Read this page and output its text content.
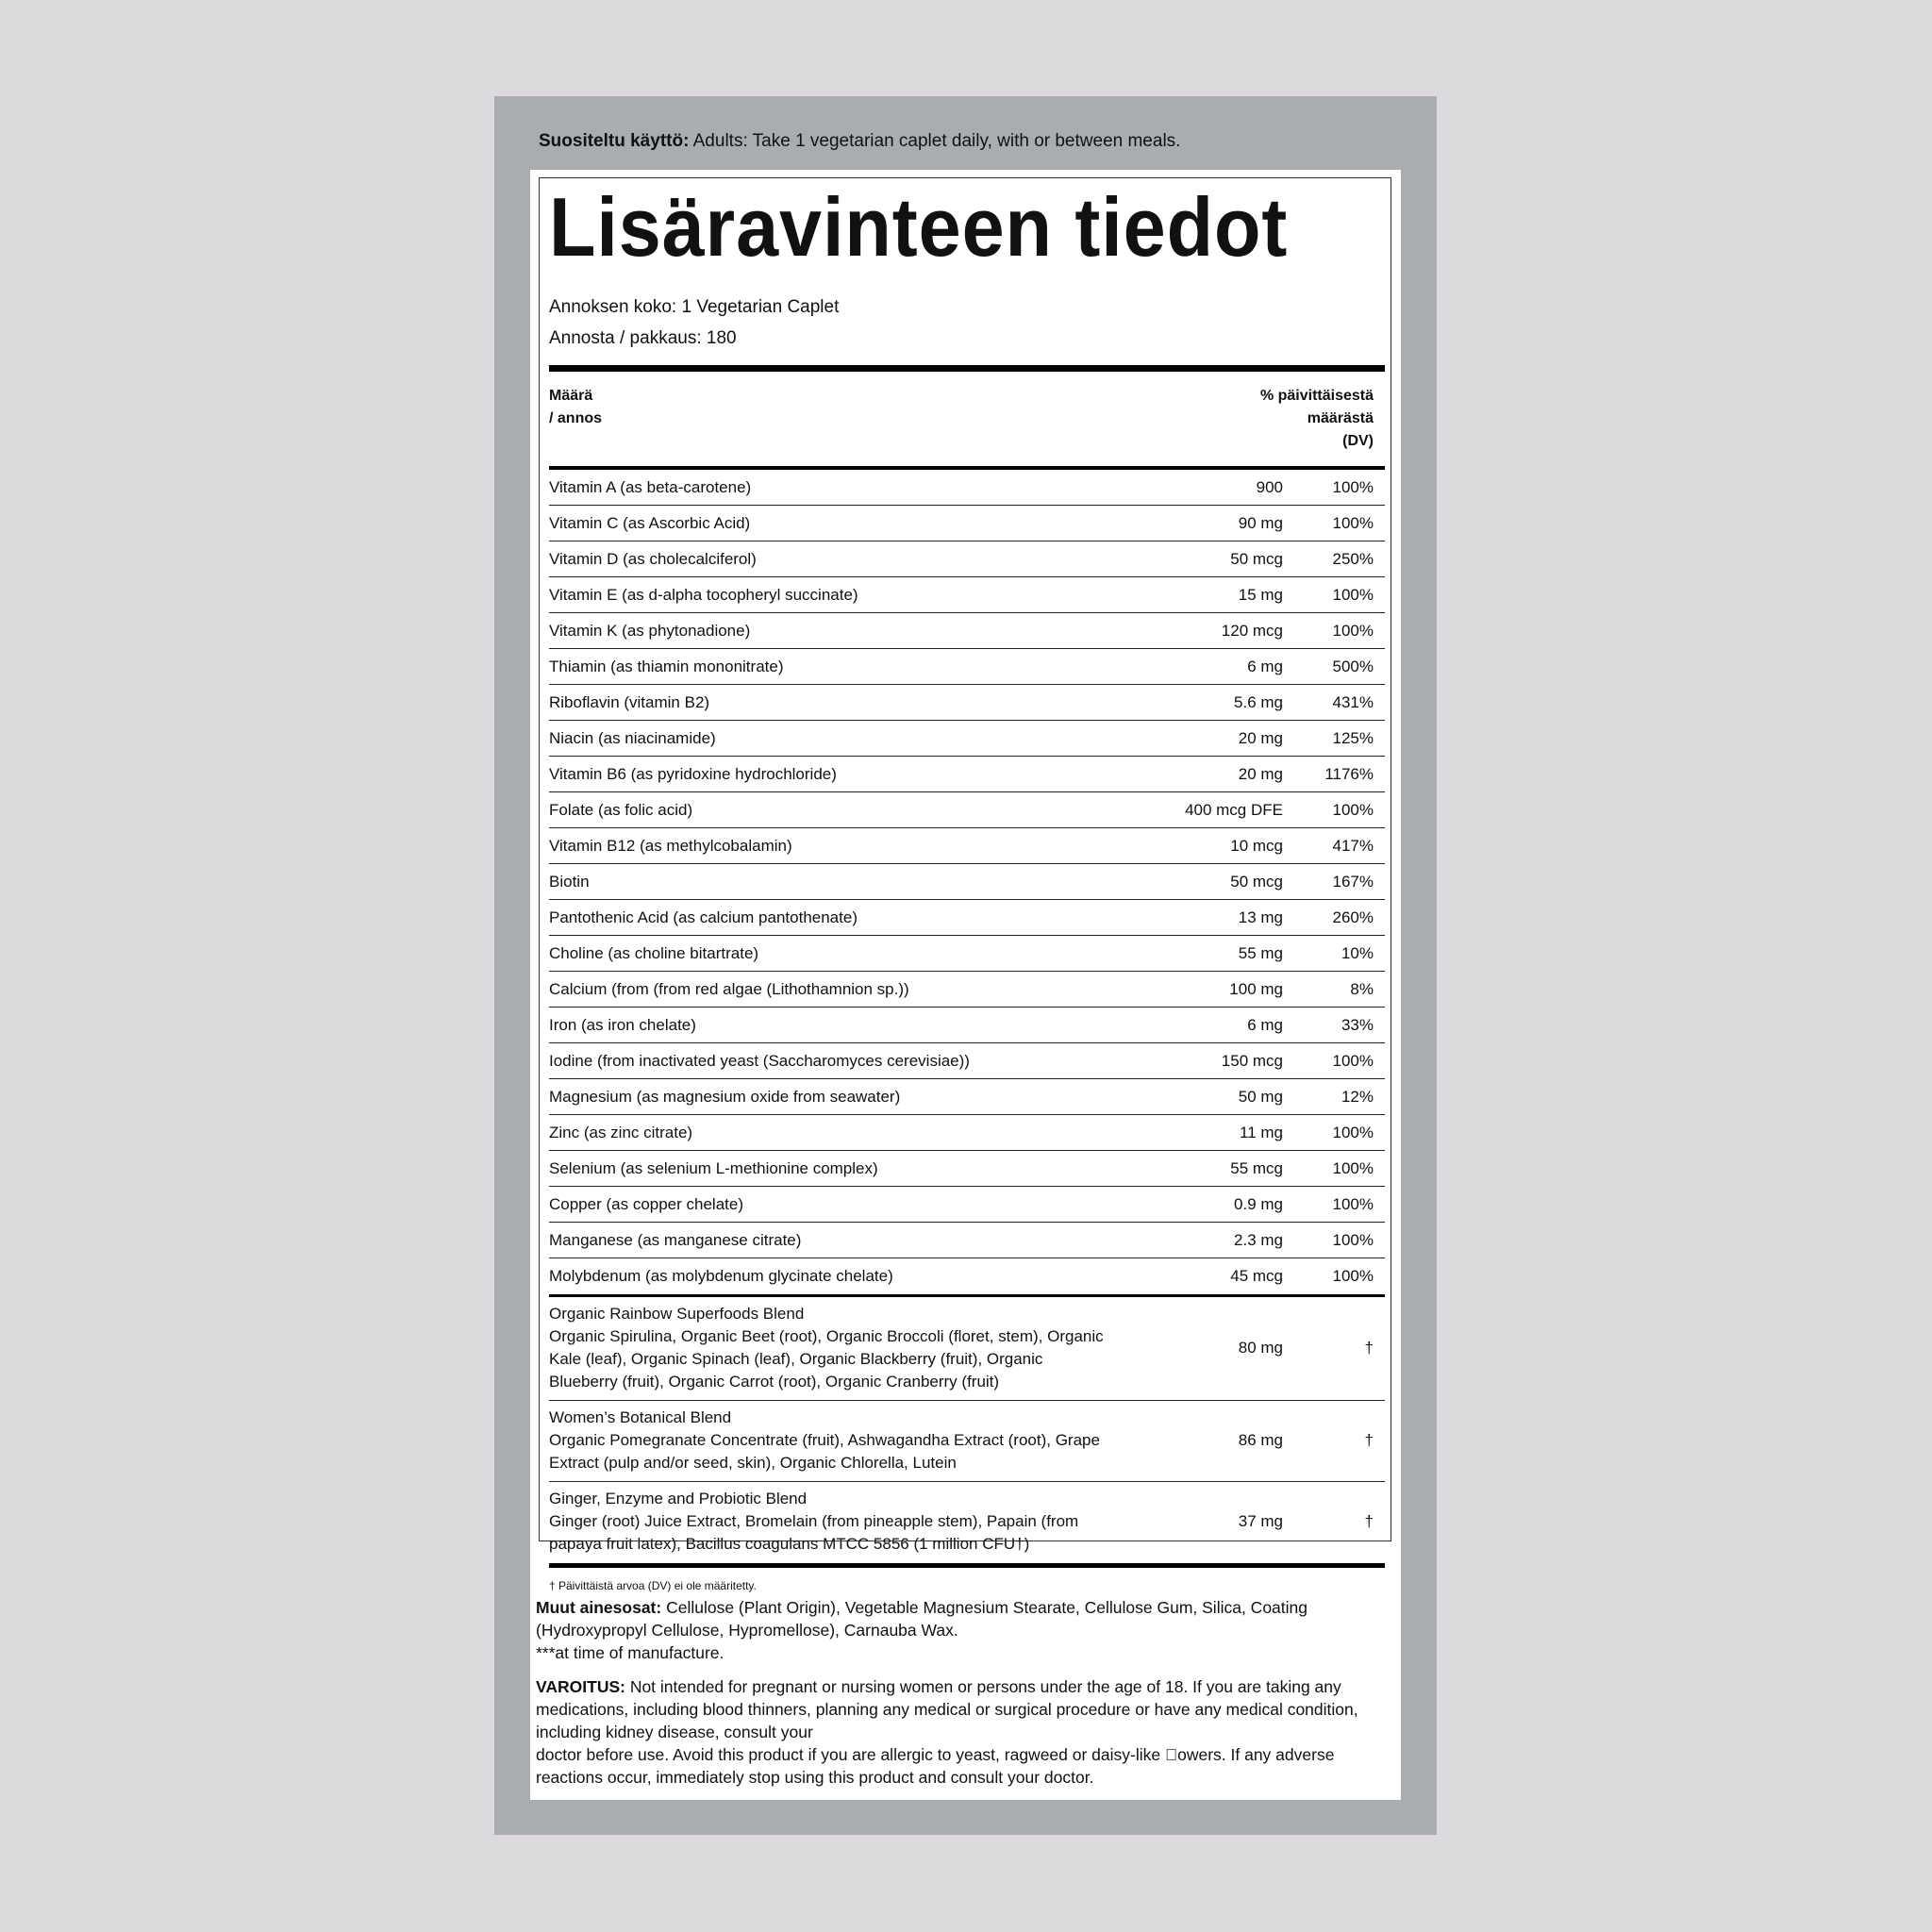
Suositeltu käyttö: Adults: Take 1 vegetarian caplet daily, with or between meals.
Lisäravinteen tiedot
Annoksen koko: 1 Vegetarian Caplet
Annosta / pakkaus: 180
Määrä
/ annos
% päivittäisestä
määrästä
(DV)
Vitamin A (as beta-carotene)	900	100%
Vitamin C (as Ascorbic Acid)	90 mg	100%
Vitamin D (as cholecalciferol)	50 mcg	250%
Vitamin E (as d-alpha tocopheryl succinate)	15 mg	100%
Vitamin K (as phytonadione)	120 mcg	100%
Thiamin (as thiamin mononitrate)	6 mg	500%
Riboflavin (vitamin B2)	5.6 mg	431%
Niacin (as niacinamide)	20 mg	125%
Vitamin B6 (as pyridoxine hydrochloride)	20 mg	1176%
Folate (as folic acid)	400 mcg DFE	100%
Vitamin B12 (as methylcobalamin)	10 mcg	417%
Biotin	50 mcg	167%
Pantothenic Acid (as calcium pantothenate)	13 mg	260%
Choline (as choline bitartrate)	55 mg	10%
Calcium (from (from red algae (Lithothamnion sp.))	100 mg	8%
Iron (as iron chelate)	6 mg	33%
Iodine (from inactivated yeast (Saccharomyces cerevisiae))	150 mcg	100%
Magnesium (as magnesium oxide from seawater)	50 mg	12%
Zinc (as zinc citrate)	11 mg	100%
Selenium (as selenium L-methionine complex)	55 mcg	100%
Copper (as copper chelate)	0.9 mg	100%
Manganese (as manganese citrate)	2.3 mg	100%
Molybdenum (as molybdenum glycinate chelate)	45 mcg	100%
Organic Rainbow Superfoods Blend
Organic Spirulina, Organic Beet (root), Organic Broccoli (floret, stem), Organic Kale (leaf), Organic Spinach (leaf), Organic Blackberry (fruit), Organic Blueberry (fruit), Organic Carrot (root), Organic Cranberry (fruit)
80 mg	†
Women’s Botanical Blend
Organic Pomegranate Concentrate (fruit), Ashwagandha Extract (root), Grape Extract (pulp and/or seed, skin), Organic Chlorella, Lutein
86 mg	†
Ginger, Enzyme and Probiotic Blend
Ginger (root) Juice Extract, Bromelain (from pineapple stem), Papain (from papaya fruit latex), Bacillus coagulans MTCC 5856 (1 million CFU†)
37 mg	†
† Päivittäistä arvoa (DV) ei ole määritetty.
Muut ainesosat: Cellulose (Plant Origin), Vegetable Magnesium Stearate, Cellulose Gum, Silica, Coating (Hydroxypropyl Cellulose, Hypromellose), Carnauba Wax.
***at time of manufacture.
VAROITUS: Not intended for pregnant or nursing women or persons under the age of 18. If you are taking any medications, including blood thinners, planning any medical or surgical procedure or have any medical condition, including kidney disease, consult your
doctor before use. Avoid this product if you are allergic to yeast, ragweed or daisy-like  owers. If any adverse reactions occur, immediately stop using this product and consult your doctor.
